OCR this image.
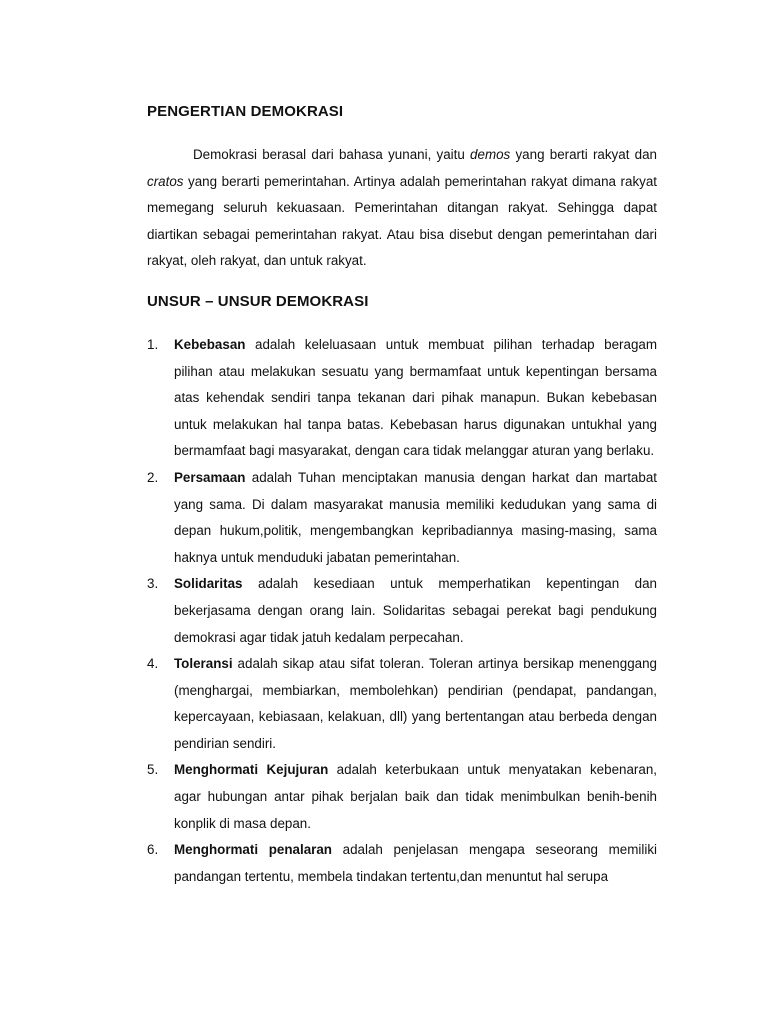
PENGERTIAN DEMOKRASI

Demokrasi berasal dari bahasa yunani, yaitu demos yang berarti rakyat dan cratos yang berarti pemerintahan. Artinya adalah pemerintahan rakyat dimana rakyat memegang seluruh kekuasaan. Pemerintahan ditangan rakyat. Sehingga dapat diartikan sebagai pemerintahan rakyat. Atau bisa disebut dengan pemerintahan dari rakyat, oleh rakyat, dan untuk rakyat.

UNSUR – UNSUR DEMOKRASI
1. Kebebasan adalah keleluasaan untuk membuat pilihan terhadap beragam pilihan atau melakukan sesuatu yang bermamfaat untuk kepentingan bersama atas kehendak sendiri tanpa tekanan dari pihak manapun. Bukan kebebasan untuk melakukan hal tanpa batas. Kebebasan harus digunakan untukhal yang bermamfaat bagi masyarakat, dengan cara tidak melanggar aturan yang berlaku.
2. Persamaan adalah Tuhan menciptakan manusia dengan harkat dan martabat yang sama. Di dalam masyarakat manusia memiliki kedudukan yang sama di depan hukum,politik, mengembangkan kepribadiannya masing-masing, sama haknya untuk menduduki jabatan pemerintahan.
3. Solidaritas adalah kesediaan untuk memperhatikan kepentingan dan bekerjasama dengan orang lain. Solidaritas sebagai perekat bagi pendukung demokrasi agar tidak jatuh kedalam perpecahan.
4. Toleransi adalah sikap atau sifat toleran. Toleran artinya bersikap menenggang (menghargai, membiarkan, membolehkan) pendirian (pendapat, pandangan, kepercayaan, kebiasaan, kelakuan, dll) yang bertentangan atau berbeda dengan pendirian sendiri.
5. Menghormati Kejujuran adalah keterbukaan untuk menyatakan kebenaran, agar hubungan antar pihak berjalan baik dan tidak menimbulkan benih-benih konplik di masa depan.
6. Menghormati penalaran adalah penjelasan mengapa seseorang memiliki pandangan tertentu, membela tindakan tertentu,dan menuntut hal serupa
